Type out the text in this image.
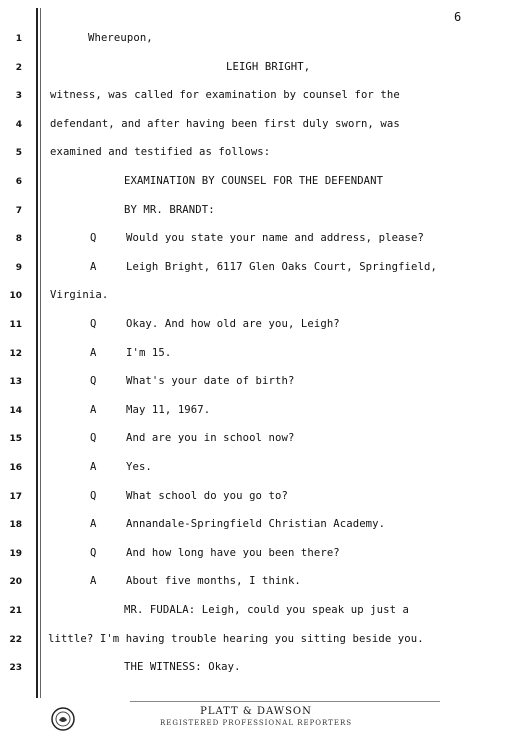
6
1	Whereupon,
2	LEIGH BRIGHT,
3	witness, was called for examination by counsel for the
4	defendant, and after having been first duly sworn, was
5	examined and testified as follows:
6	EXAMINATION BY COUNSEL FOR THE DEFENDANT
7	BY MR. BRANDT:
8	Q	Would you state your name and address, please?
9	A	Leigh Bright, 6117 Glen Oaks Court, Springfield,
10	Virginia.
11	Q	Okay. And how old are you, Leigh?
12	A	I'm 15.
13	Q	What's your date of birth?
14	A	May 11, 1967.
15	Q	And are you in school now?
16	A	Yes.
17	Q	What school do you go to?
18	A	Annandale-Springfield Christian Academy.
19	Q	And how long have you been there?
20	A	About five months, I think.
21	MR. FUDALA: Leigh, could you speak up just a
22 little? I'm having trouble hearing you sitting beside you.
23	THE WITNESS: Okay.
PLATT & DAWSON
REGISTERED PROFESSIONAL REPORTERS
